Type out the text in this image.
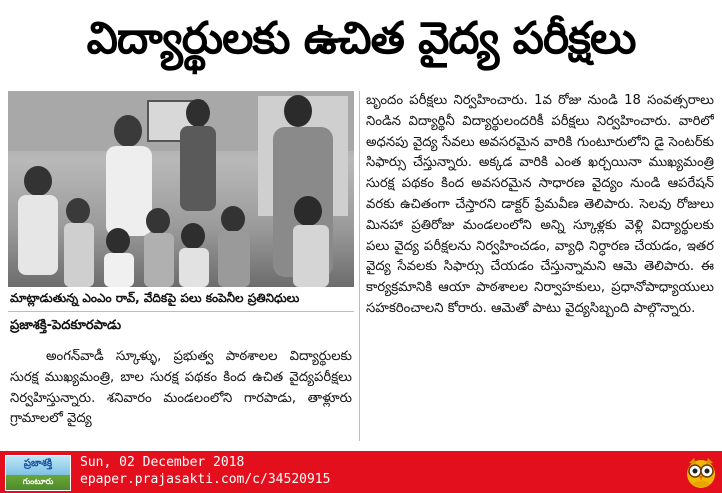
విద్యార్థులకు ఉచిత వైద్య పరీక్షలు
మాట్లాడుతున్న ఎంఎం రావ్, వేదికపై పలు కంపెనీల ప్రతినిధులు
ప్రజాశక్తి-పెదకూరపాడు
అంగన్‌వాడీ స్కూళ్ళు, ప్రభుత్వ పాఠశాలల విద్యార్థులకు సురక్ష ముఖ్యమంత్రి, బాల సురక్ష పథకం కింద ఉచిత వైద్యపరీక్షలు నిర్వహిస్తున్నారు. శనివారం మండలంలోని గారపాడు, తాళ్లూరు గ్రామాలలో వైద్య
బృందం పరీక్షలు నిర్వహించారు. 1వ రోజు నుండి 18 సంవత్సరాలు నిండిన విద్యార్థినీ విద్యార్థులందరికీ పరీక్షలు నిర్వహించారు. వారిలో అధనపు వైద్య సేవలు అవసరమైన వారికి గుంటూరులోని డై సెంటర్‌కు సిఫార్సు చేస్తున్నారు. అక్కడ వారికి ఎంత ఖర్చయినా ముఖ్యమంత్రి సురక్ష పథకం కింద అవసరమైన సాధారణ వైద్యం నుండి ఆపరేషన్ వరకు ఉచితంగా చేస్తారని డాక్టర్ ప్రేమవీణ తెలిపారు. సెలవు రోజులు మినహా ప్రతిరోజు మండలంలోని అన్ని స్కూళ్లకు వెళ్లి విద్యార్థులకు పలు వైద్య పరీక్షలను నిర్వహించడం, వ్యాధి నిర్ధారణ చేయడం, ఇతర వైద్య సేవలకు సిఫార్సు చేయడం చేస్తున్నామని ఆమె తెలిపారు. ఈ కార్యక్రమానికి ఆయా పాఠశాలల నిర్వాహకులు, ప్రధానోపాధ్యాయులు సహకరించాలని కోరారు. ఆమెతో పాటు వైద్యసిబ్బంది పాల్గొన్నారు.
ప్రజాశక్తి
గుంటూరు
Sun, 02 December 2018
epaper.prajasakti.com/c/34520915
